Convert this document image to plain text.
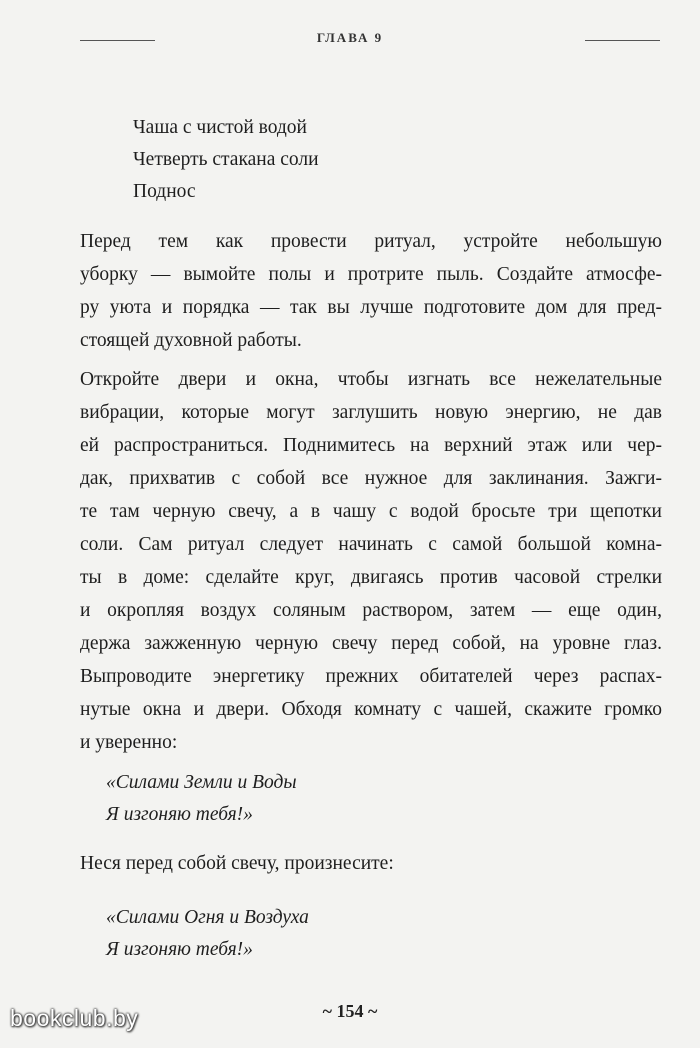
ГЛАВА 9
Чаша с чистой водой
Четверть стакана соли
Поднос
Перед тем как провести ритуал, устройте небольшую
уборку — вымойте полы и протрите пыль. Создайте атмосфе-
ру уюта и порядка — так вы лучше подготовите дом для пред-
стоящей духовной работы.
Откройте двери и окна, чтобы изгнать все нежелательные
вибрации, которые могут заглушить новую энергию, не дав
ей распространиться. Поднимитесь на верхний этаж или чер-
дак, прихватив с собой все нужное для заклинания. Зажги-
те там черную свечу, а в чашу с водой бросьте три щепотки
соли. Сам ритуал следует начинать с самой большой комна-
ты в доме: сделайте круг, двигаясь против часовой стрелки
и окропляя воздух соляным раствором, затем — еще один,
держа зажженную черную свечу перед собой, на уровне глаз.
Выпроводите энергетику прежних обитателей через распах-
нутые окна и двери. Обходя комнату с чашей, скажите громко
и уверенно:
«Силами Земли и Воды
Я изгоняю тебя!»
Неся перед собой свечу, произнесите:
«Силами Огня и Воздуха
Я изгоняю тебя!»
~ 154 ~
bookclub.by
